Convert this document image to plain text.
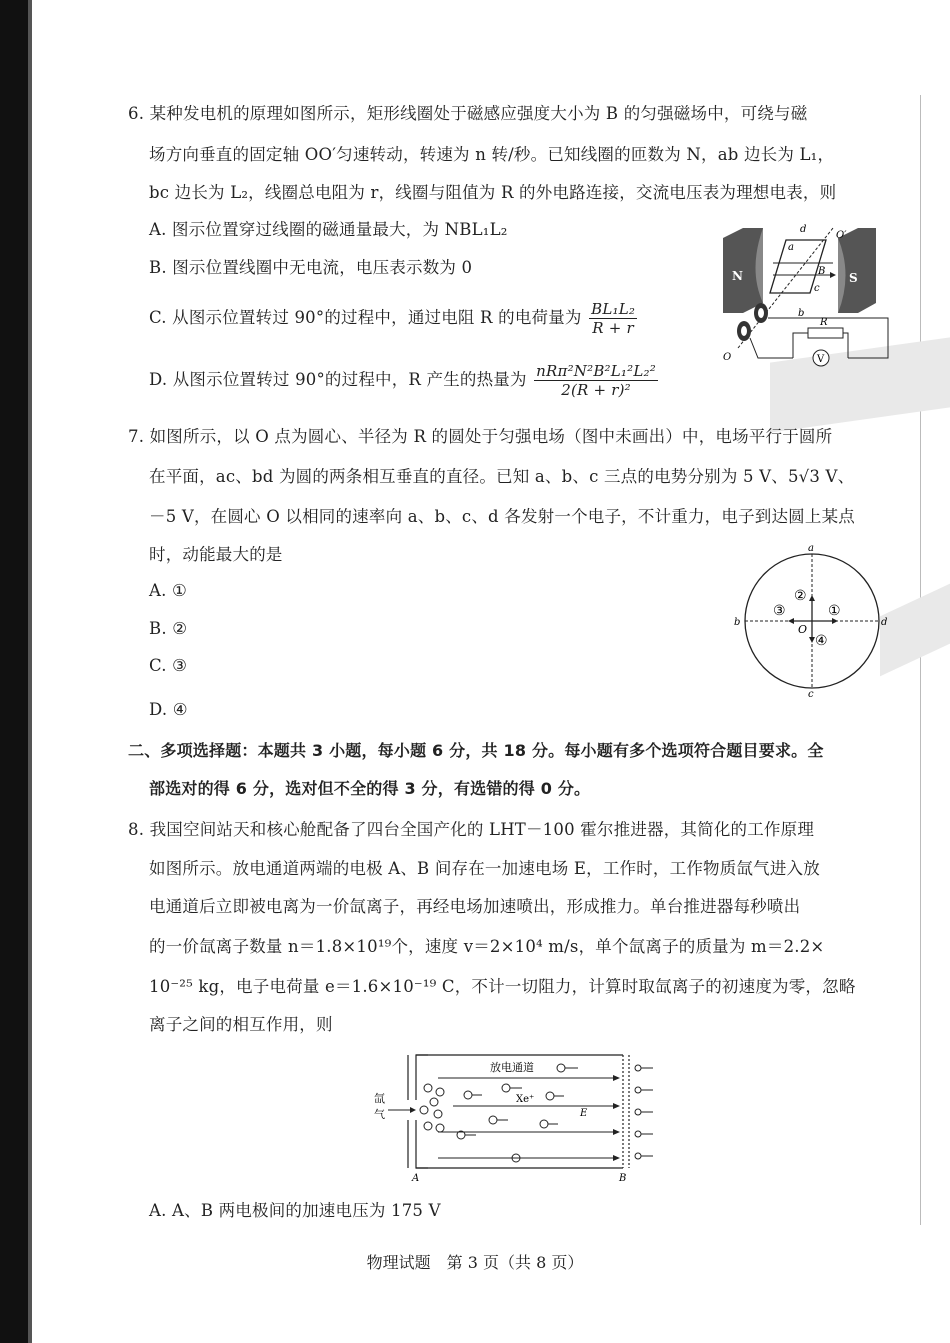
6. 某种发电机的原理如图所示，矩形线圈处于磁感应强度大小为 B 的匀强磁场中，可绕与磁
场方向垂直的固定轴 OO′匀速转动，转速为 n 转/秒。已知线圈的匝数为 N，ab 边长为 L₁，
bc 边长为 L₂，线圈总电阻为 r，线圈与阻值为 R 的外电路连接，交流电压表为理想电表，则
A. 图示位置穿过线圈的磁通量最大，为 NBL₁L₂
B. 图示位置线圈中无电流，电压表示数为 0
C. 从图示位置转过 90°的过程中，通过电阻 R 的电荷量为 $\frac{\text{BL₁L₂}}{R + r}$
D. 从图示位置转过 90°的过程中，R 产生的热量为 $\frac{\text{nRπ²N²B²L₁²L₂²}}{\text{2(R + r)²}}$
N	S
d
O′
a
B
c
b
R
V
O
7. 如图所示，以 O 点为圆心、半径为 R 的圆处于匀强电场（图中未画出）中，电场平行于圆所
在平面，ac、bd 为圆的两条相互垂直的直径。已知 a、b、c 三点的电势分别为 5 V、5√3 V、
－5 V，在圆心 O 以相同的速率向 a、b、c、d 各发射一个电子，不计重力，电子到达圆上某点
时，动能最大的是
A. ①
B. ②
C. ③
D. ④
a
b
c
d
O
①
②
③
④
二、多项选择题：本题共 3 小题，每小题 6 分，共 18 分。每小题有多个选项符合题目要求。全
部选对的得 6 分，选对但不全的得 3 分，有选错的得 0 分。
8. 我国空间站天和核心舱配备了四台全国产化的 LHT－100 霍尔推进器，其简化的工作原理
如图所示。放电通道两端的电极 A、B 间存在一加速电场 E，工作时，工作物质氙气进入放
电通道后立即被电离为一价氙离子，再经电场加速喷出，形成推力。单台推进器每秒喷出
的一价氙离子数量 n＝1.8×10¹⁹个，速度 v＝2×10⁴ m/s，单个氙离子的质量为 m＝2.2×
10⁻²⁵ kg，电子电荷量 e＝1.6×10⁻¹⁹ C，不计一切阻力，计算时取氙离子的初速度为零，忽略
离子之间的相互作用，则
放电通道
Xe⁺
E
氙
气
A	B
A. A、B 两电极间的加速电压为 175 V
物理试题　第 3 页（共 8 页）
